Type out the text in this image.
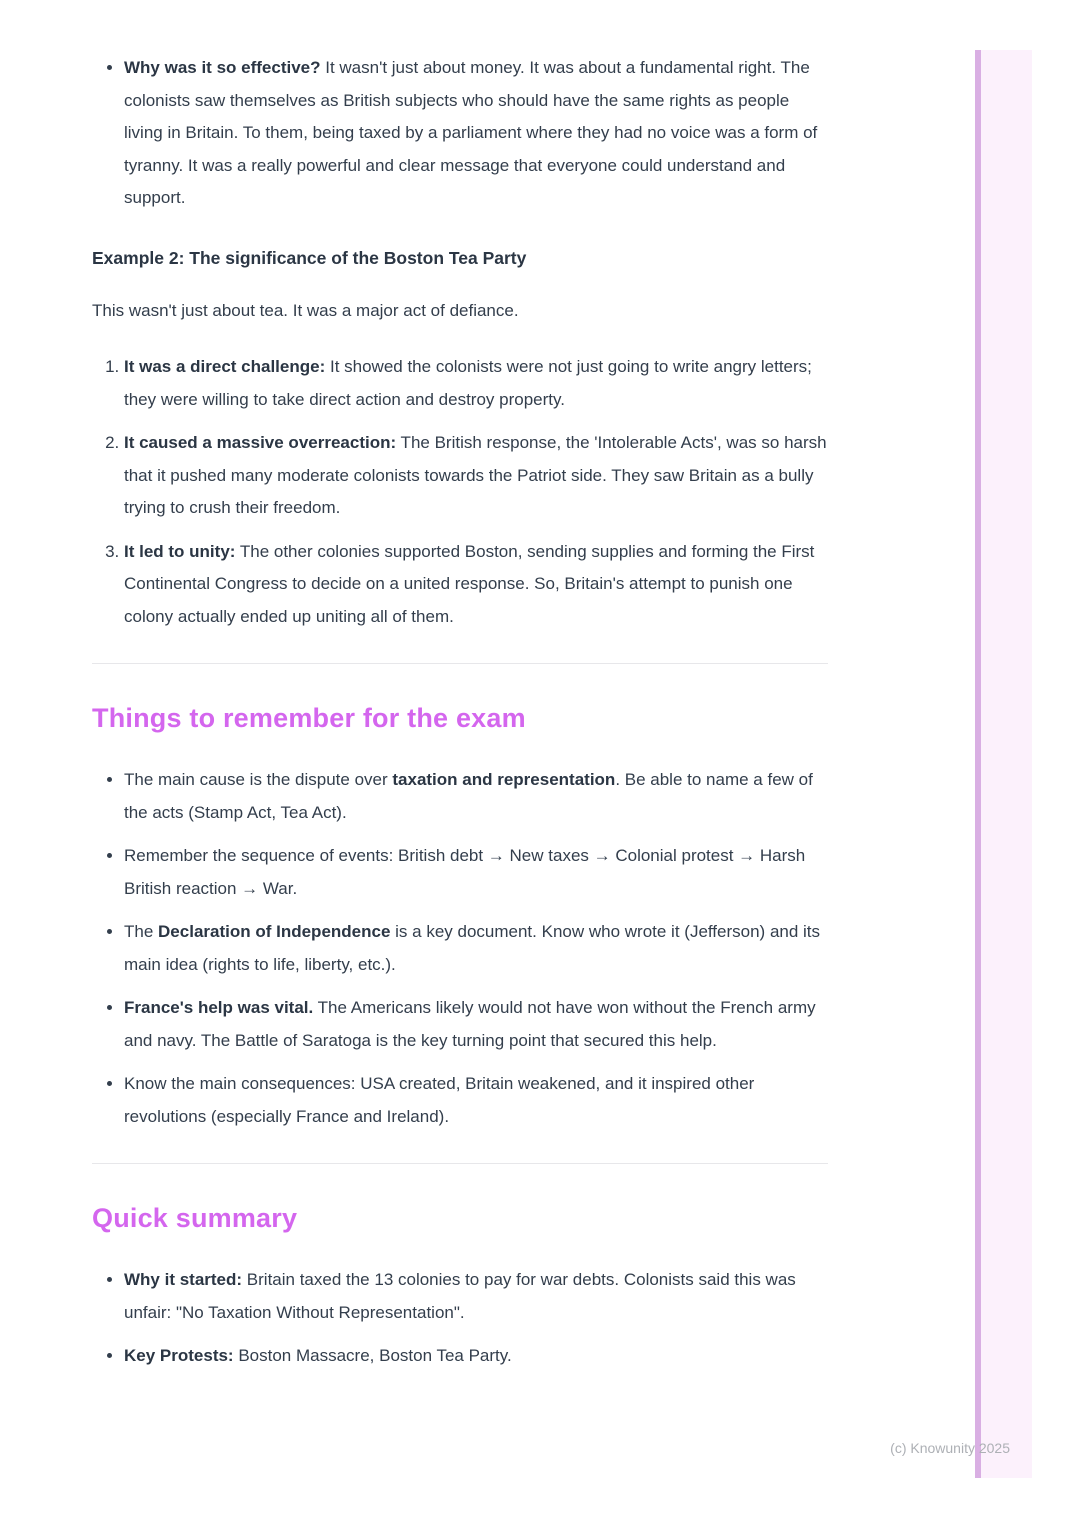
(c) Knowunity 2025
• Why was it so effective? It wasn't just about money. It was about a fundamental right. The colonists saw themselves as British subjects who should have the same rights as people living in Britain. To them, being taxed by a parliament where they had no voice was a form of tyranny. It was a really powerful and clear message that everyone could understand and support.
Example 2: The significance of the Boston Tea Party

This wasn't just about tea. It was a major act of defiance.

1. It was a direct challenge: It showed the colonists were not just going to write angry letters; they were willing to take direct action and destroy property.
2. It caused a massive overreaction: The British response, the 'Intolerable Acts', was so harsh that it pushed many moderate colonists towards the Patriot side. They saw Britain as a bully trying to crush their freedom.
3. It led to unity: The other colonies supported Boston, sending supplies and forming the First Continental Congress to decide on a united response. So, Britain's attempt to punish one colony actually ended up uniting all of them.
Things to remember for the exam
• The main cause is the dispute over taxation and representation. Be able to name a few of the acts (Stamp Act, Tea Act).
• Remember the sequence of events: British debt → New taxes → Colonial protest → Harsh British reaction → War.
• The Declaration of Independence is a key document. Know who wrote it (Jefferson) and its main idea (rights to life, liberty, etc.).
• France's help was vital. The Americans likely would not have won without the French army and navy. The Battle of Saratoga is the key turning point that secured this help.
• Know the main consequences: USA created, Britain weakened, and it inspired other revolutions (especially France and Ireland).
Quick summary
• Why it started: Britain taxed the 13 colonies to pay for war debts. Colonists said this was unfair: "No Taxation Without Representation".
• Key Protests: Boston Massacre, Boston Tea Party.
